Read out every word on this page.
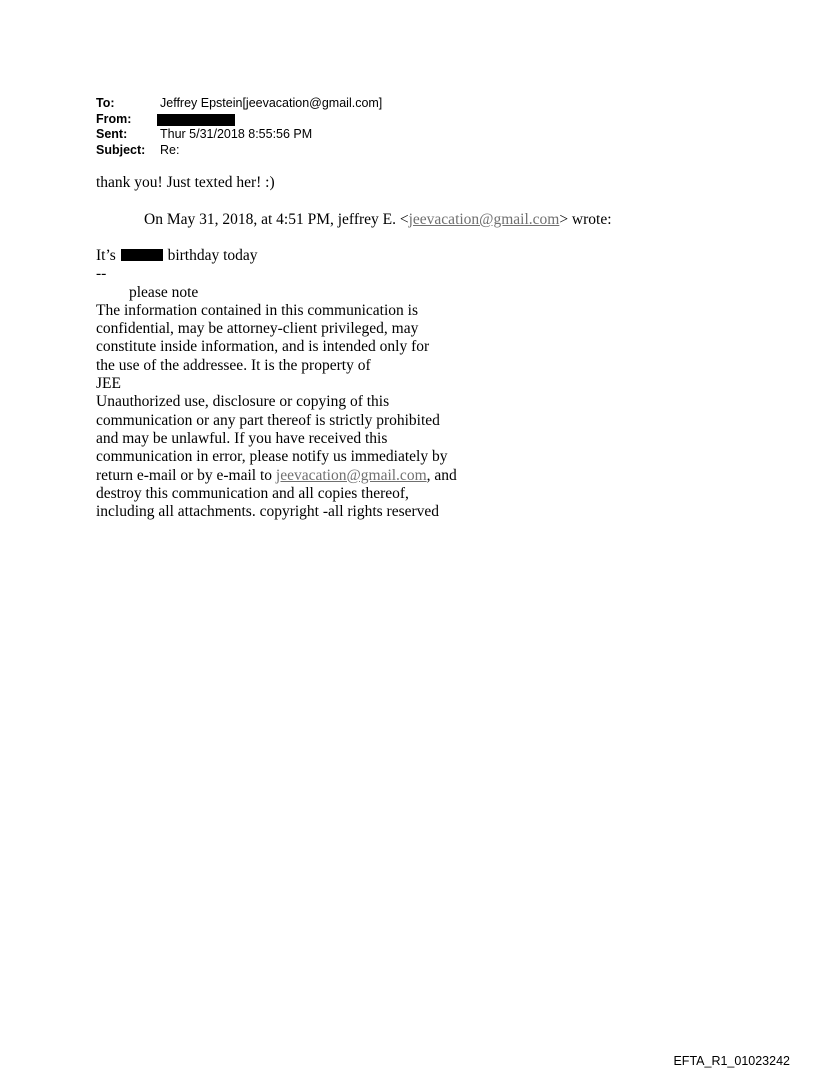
To:	Jeffrey Epstein[jeevacation@gmail.com]
From:
Sent:	Thur 5/31/2018 8:55:56 PM
Subject: Re:
thank you! Just texted her! :)
On May 31, 2018, at 4:51 PM, jeffrey E. <jeevacation@gmail.com> wrote:
It’s	birthday today
--
please note
The information contained in this communication is
confidential, may be attorney-client privileged, may
constitute inside information, and is intended only for
the use of the addressee. It is the property of
JEE
Unauthorized use, disclosure or copying of this
communication or any part thereof is strictly prohibited
and may be unlawful. If you have received this
communication in error, please notify us immediately by
return e-mail or by e-mail to jeevacation@gmail.com, and
destroy this communication and all copies thereof,
including all attachments. copyright -all rights reserved
EFTA_R1_01023242
